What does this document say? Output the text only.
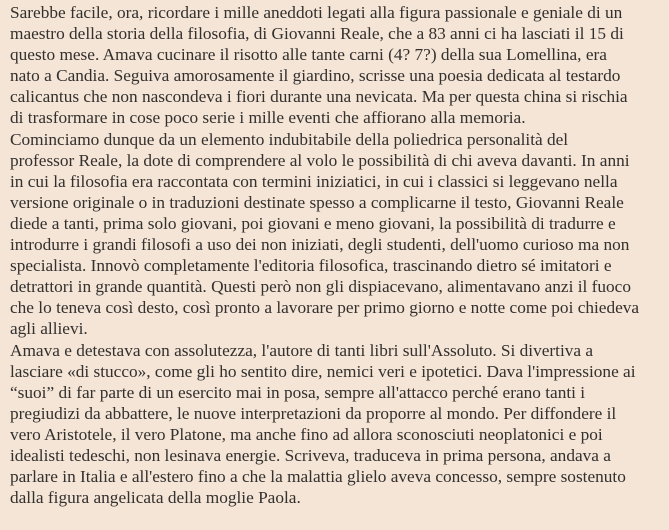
Sarebbe facile, ora, ricordare i mille aneddoti legati alla figura passionale e geniale di un
maestro della storia della filosofia, di Giovanni Reale, che a 83 anni ci ha lasciati il 15 di
questo mese. Amava cucinare il risotto alle tante carni (4? 7?) della sua Lomellina, era
nato a Candia. Seguiva amorosamente il giardino, scrisse una poesia dedicata al testardo
calicantus che non nascondeva i fiori durante una nevicata. Ma per questa china si rischia
di trasformare in cose poco serie i mille eventi che affiorano alla memoria.
Cominciamo dunque da un elemento indubitabile della poliedrica personalità del
professor Reale, la dote di comprendere al volo le possibilità di chi aveva davanti. In anni
in cui la filosofia era raccontata con termini iniziatici, in cui i classici si leggevano nella
versione originale o in traduzioni destinate spesso a complicarne il testo, Giovanni Reale
diede a tanti, prima solo giovani, poi giovani e meno giovani, la possibilità di tradurre e
introdurre i grandi filosofi a uso dei non iniziati, degli studenti, dell'uomo curioso ma non
specialista. Innovò completamente l'editoria filosofica, trascinando dietro sé imitatori e
detrattori in grande quantità. Questi però non gli dispiacevano, alimentavano anzi il fuoco
che lo teneva così desto, così pronto a lavorare per primo giorno e notte come poi chiedeva
agli allievi.
Amava e detestava con assolutezza, l'autore di tanti libri sull'Assoluto. Si divertiva a
lasciare «di stucco», come gli ho sentito dire, nemici veri e ipotetici. Dava l'impressione ai
“suoi” di far parte di un esercito mai in posa, sempre all'attacco perché erano tanti i
pregiudizi da abbattere, le nuove interpretazioni da proporre al mondo. Per diffondere il
vero Aristotele, il vero Platone, ma anche fino ad allora sconosciuti neoplatonici e poi
idealisti tedeschi, non lesinava energie. Scriveva, traduceva in prima persona, andava a
parlare in Italia e all'estero fino a che la malattia glielo aveva concesso, sempre sostenuto
dalla figura angelicata della moglie Paola.
